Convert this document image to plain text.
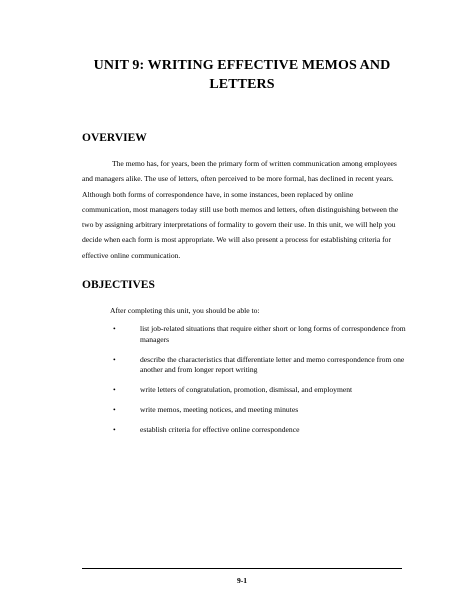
UNIT 9: WRITING EFFECTIVE MEMOS AND LETTERS
OVERVIEW

The memo has, for years, been the primary form of written communication among employees and managers alike. The use of letters, often perceived to be more formal, has declined in recent years. Although both forms of correspondence have, in some instances, been replaced by online communication, most managers today still use both memos and letters, often distinguishing between the two by assigning arbitrary interpretations of formality to govern their use. In this unit, we will help you decide when each form is most appropriate. We will also present a process for establishing criteria for effective online communication.

OBJECTIVES
After completing this unit, you should be able to:
•	list job-related situations that require either short or long forms of correspondence from managers
•	describe the characteristics that differentiate letter and memo correspondence from one another and from longer report writing
•	write letters of congratulation, promotion, dismissal, and employment
•	write memos, meeting notices, and meeting minutes
•	establish criteria for effective online correspondence
9-1
